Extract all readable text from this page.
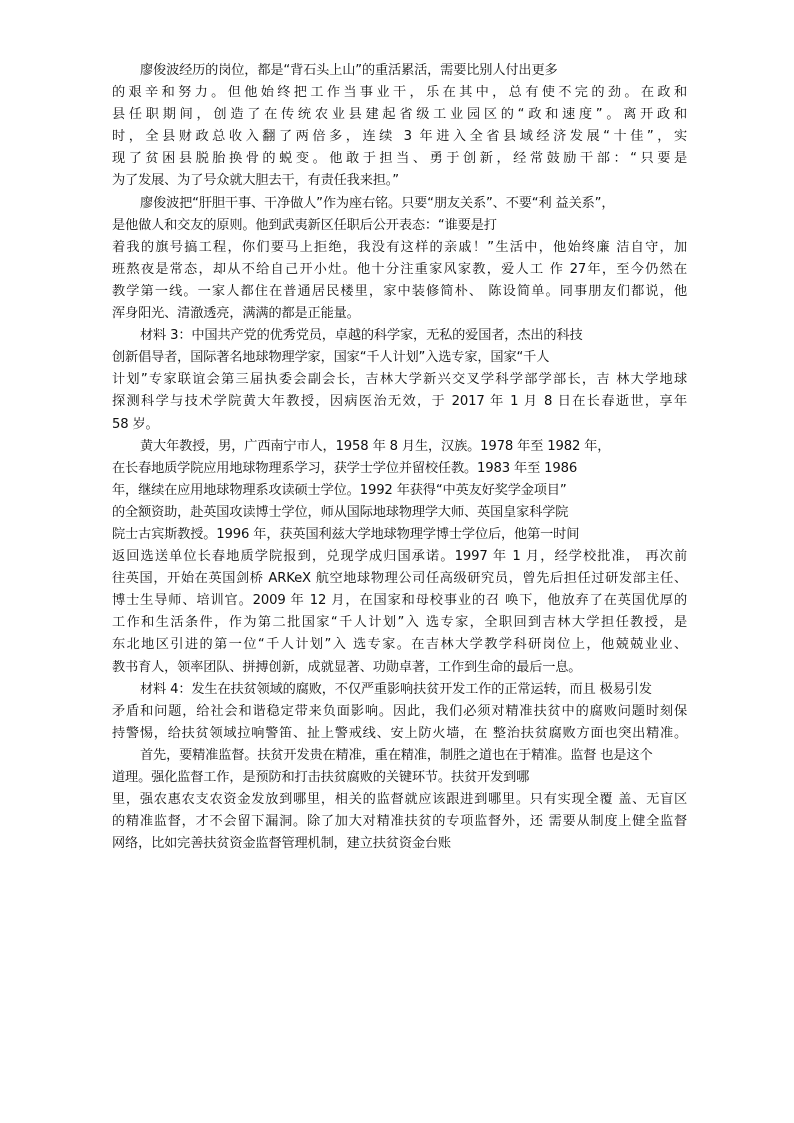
廖俊波经历的岗位，都是“背石头上山”的重活累活，需要比别人付出更多
的艰辛和努力。但他始终把工作当事业干，乐在其中，总有使不完的劲。在政和
县任职期间，创造了在传统农业县建起省级工业园区的“政和速度”。离开政和
时，全县财政总收入翻了两倍多，连续 3 年进入全省县域经济发展“十佳”，实
现了贫困县脱胎换骨的蜕变。他敢于担当、勇于创新，经常鼓励干部：“只要是
为了发展、为了号众就大胆去干，有责任我来担。”
廖俊波把“肝胆干事、干净做人”作为座右铭。只要“朋友关系”、不要“利 益关系”，
是他做人和交友的原则。他到武夷新区任职后公开表态：“谁要是打
着我的旗号搞工程，你们要马上拒绝，我没有这样的亲戚！”生活中，他始终廉 洁自守，加
班熬夜是常态，却从不给自己开小灶。他十分注重家风家教，爱人工 作 27年，至今仍然在
教学第一线。一家人都住在普通居民楼里，家中装修简朴、 陈设简单。同事朋友们都说，他
浑身阳光、清澈透亮，满满的都是正能量。
材料 3：中国共产党的优秀党员，卓越的科学家，无私的爱国者，杰出的科技
创新倡导者，国际著名地球物理学家，国家“千人计划”入选专家，国家“千人
计划”专家联谊会第三届执委会副会长，吉林大学新兴交叉学科学部学部长，吉 林大学地球
探测科学与技术学院黄大年教授，因病医治无效，于 2017 年 1 月 8 日在长春逝世，享年
58 岁。
黄大年教授，男，广西南宁市人，1958 年 8 月生，汉族。1978 年至 1982 年，
在长春地质学院应用地球物理系学习，获学士学位并留校任教。1983 年至 1986
年，继续在应用地球物理系攻读硕士学位。1992 年获得“中英友好奖学金项目”
的全额资助，赴英国攻读博士学位，师从国际地球物理学大师、英国皇家科学院
院士古宾斯教授。1996 年，获英国利兹大学地球物理学博士学位后，他第一时间
返回选送单位长春地质学院报到，兑现学成归国承诺。1997 年 1 月，经学校批准， 再次前
往英国，开始在英国剑桥 ARKeX 航空地球物理公司任高级研究员，曾先后担任过研发部主任、
博士生导师、培训官。2009 年 12 月，在国家和母校事业的召 唤下，他放弃了在英国优厚的
工作和生活条件，作为第二批国家“千人计划”入 选专家，全职回到吉林大学担任教授，是
东北地区引进的第一位“千人计划”入 选专家。在吉林大学教学科研岗位上，他兢兢业业、
教书育人，领率团队、拼搏创新，成就显著、功勋卓著，工作到生命的最后一息。
材料 4：发生在扶贫领域的腐败，不仅严重影响扶贫开发工作的正常运转，而且 极易引发
矛盾和问题，给社会和谐稳定带来负面影响。因此，我们必须对精准扶贫中的腐败问题时刻保
持警惕，给扶贫领域拉响警笛、扯上警戒线、安上防火墙，在 整治扶贫腐败方面也突出精准。
首先，要精准监督。扶贫开发贵在精准，重在精准，制胜之道也在于精准。监督 也是这个
道理。强化监督工作，是预防和打击扶贫腐败的关键环节。扶贫开发到哪
里，强农惠农支农资金发放到哪里，相关的监督就应该跟进到哪里。只有实现全覆 盖、无盲区
的精准监督，才不会留下漏洞。除了加大对精准扶贫的专项监督外，还 需要从制度上健全监督
网络，比如完善扶贫资金监督管理机制，建立扶贫资金台账
